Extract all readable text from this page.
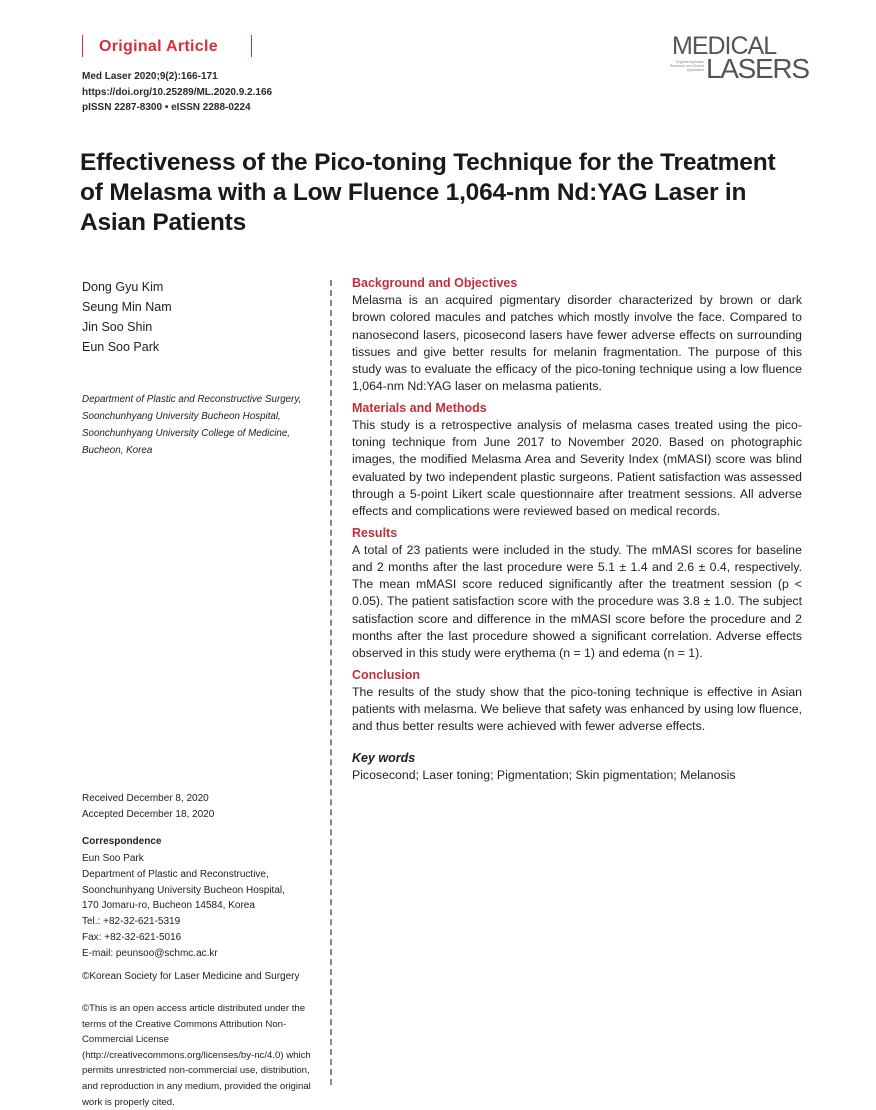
Original Article
Med Laser 2020;9(2):166-171
https://doi.org/10.25289/ML.2020.9.2.166
pISSN 2287-8300 • eISSN 2288-0224
MEDICAL
Engineering Basic Research and Clinical Application LASERS
Effectiveness of the Pico-toning Technique for the Treatment of Melasma with a Low Fluence 1,064-nm Nd:YAG Laser in Asian Patients
Dong Gyu Kim
Seung Min Nam
Jin Soo Shin
Eun Soo Park
Department of Plastic and Reconstructive Surgery, Soonchunhyang University Bucheon Hospital, Soonchunhyang University College of Medicine, Bucheon, Korea
Received December 8, 2020
Accepted December 18, 2020
Correspondence
Eun Soo Park
Department of Plastic and Reconstructive,
Soonchunhyang University Bucheon Hospital,
170 Jomaru-ro, Bucheon 14584, Korea
Tel.: +82-32-621-5319
Fax: +82-32-621-5016
E-mail: peunsoo@schmc.ac.kr
©Korean Society for Laser Medicine and Surgery
©This is an open access article distributed under the terms of the Creative Commons Attribution Non-Commercial License (http://creativecommons.org/licenses/by-nc/4.0) which permits unrestricted non-commercial use, distribution, and reproduction in any medium, provided the original work is properly cited.

Background and Objectives

Melasma is an acquired pigmentary disorder characterized by brown or dark brown colored macules and patches which mostly involve the face. Compared to nanosecond lasers, picosecond lasers have fewer adverse effects on surrounding tissues and give better results for melanin fragmentation. The purpose of this study was to evaluate the efficacy of the pico-toning technique using a low fluence 1,064-nm Nd:YAG laser on melasma patients.

Materials and Methods

This study is a retrospective analysis of melasma cases treated using the pico-toning technique from June 2017 to November 2020. Based on photographic images, the modified Melasma Area and Severity Index (mMASI) score was blind evaluated by two independent plastic surgeons. Patient satisfaction was assessed through a 5-point Likert scale questionnaire after treatment sessions. All adverse effects and complications were reviewed based on medical records.

Results

A total of 23 patients were included in the study. The mMASI scores for baseline and 2 months after the last procedure were 5.1 ± 1.4 and 2.6 ± 0.4, respectively. The mean mMASI score reduced significantly after the treatment session (p < 0.05). The patient satisfaction score with the procedure was 3.8 ± 1.0. The subject satisfaction score and difference in the mMASI score before the procedure and 2 months after the last procedure showed a significant correlation. Adverse effects observed in this study were erythema (n = 1) and edema (n = 1).

Conclusion

The results of the study show that the pico-toning technique is effective in Asian patients with melasma. We believe that safety was enhanced by using low fluence, and thus better results were achieved with fewer adverse effects.

Key words
Picosecond; Laser toning; Pigmentation; Skin pigmentation; Melanosis
